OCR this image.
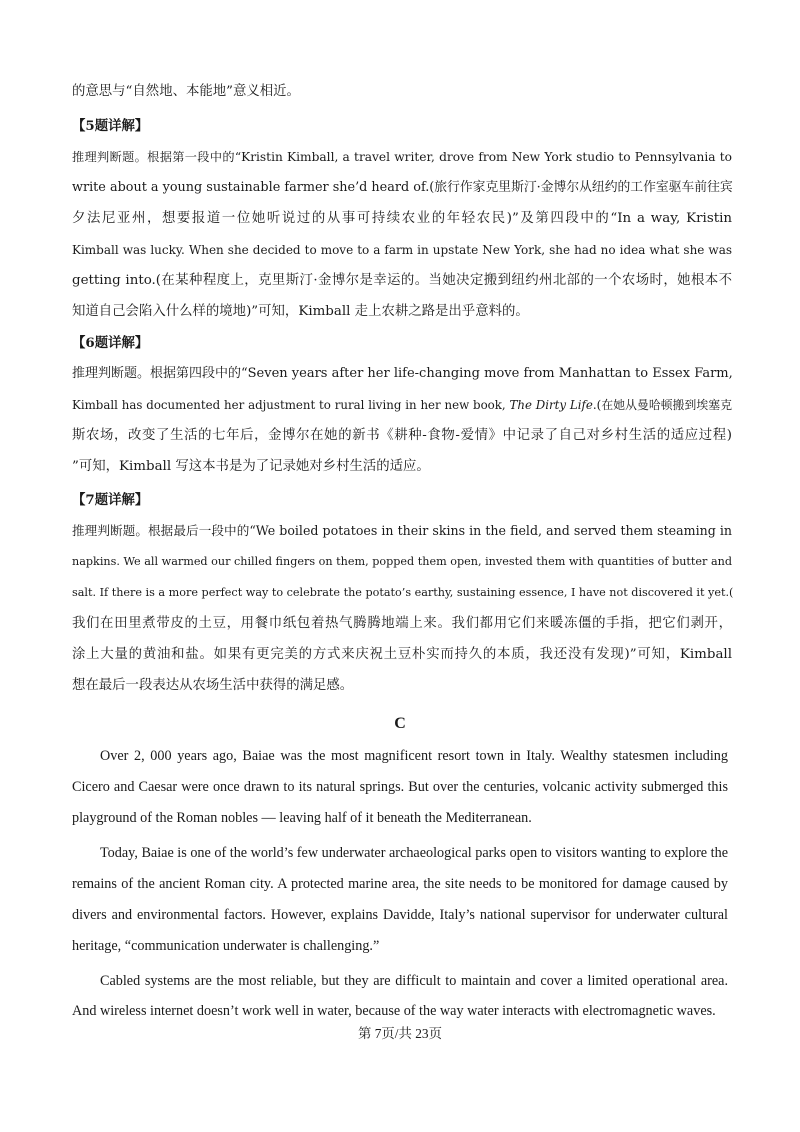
的意思与“自然地、本能地”意义相近。
【5题详解】
推理判断题。根据第一段中的“Kristin Kimball, a travel writer, drove from New York studio to Pennsylvania to
write about a young sustainable farmer she’d heard of.(旅行作家克里斯汀·金博尔从纽约的工作室驱车前往宾
夕法尼亚州，想要报道一位她听说过的从事可持续农业的年轻农民)”及第四段中的“In a way, Kristin
Kimball was lucky. When she decided to move to a farm in upstate New York, she had no idea what she was
getting into.(在某种程度上，克里斯汀·金博尔是幸运的。当她决定搬到纽约州北部的一个农场时，她根本不
知道自己会陷入什么样的境地)”可知，Kimball 走上农耕之路是出乎意料的。
【6题详解】
推理判断题。根据第四段中的“Seven years after her life-changing move from Manhattan to Essex Farm,
Kimball has documented her adjustment to rural living in her new book, The Dirty Life.(在她从曼哈顿搬到埃塞克
斯农场，改变了生活的七年后，金博尔在她的新书《耕种-食物-爱情》中记录了自己对乡村生活的适应过程)
”可知，Kimball 写这本书是为了记录她对乡村生活的适应。
【7题详解】
推理判断题。根据最后一段中的“We boiled potatoes in their skins in the field, and served them steaming in
napkins. We all warmed our chilled fingers on them, popped them open, invested them with quantities of butter and
salt. If there is a more perfect way to celebrate the potato’s earthy, sustaining essence, I have not discovered it yet.(
我们在田里煮带皮的土豆，用餐巾纸包着热气腾腾地端上来。我们都用它们来暖冻僵的手指，把它们剥开，
涂上大量的黄油和盐。如果有更完美的方式来庆祝土豆朴实而持久的本质，我还没有发现)”可知，Kimball
想在最后一段表达从农场生活中获得的满足感。
C
Over 2, 000 years ago, Baiae was the most magnificent resort town in Italy. Wealthy statesmen including
Cicero and Caesar were once drawn to its natural springs. But over the centuries, volcanic activity submerged this
playground of the Roman nobles — leaving half of it beneath the Mediterranean.
Today, Baiae is one of the world’s few underwater archaeological parks open to visitors wanting to explore the
remains of the ancient Roman city. A protected marine area, the site needs to be monitored for damage caused by
divers and environmental factors. However, explains Davidde, Italy’s national supervisor for underwater cultural
heritage, “communication underwater is challenging.”
Cabled systems are the most reliable, but they are difficult to maintain and cover a limited operational area.
And wireless internet doesn’t work well in water, because of the way water interacts with electromagnetic waves.
第 7页/共 23页
